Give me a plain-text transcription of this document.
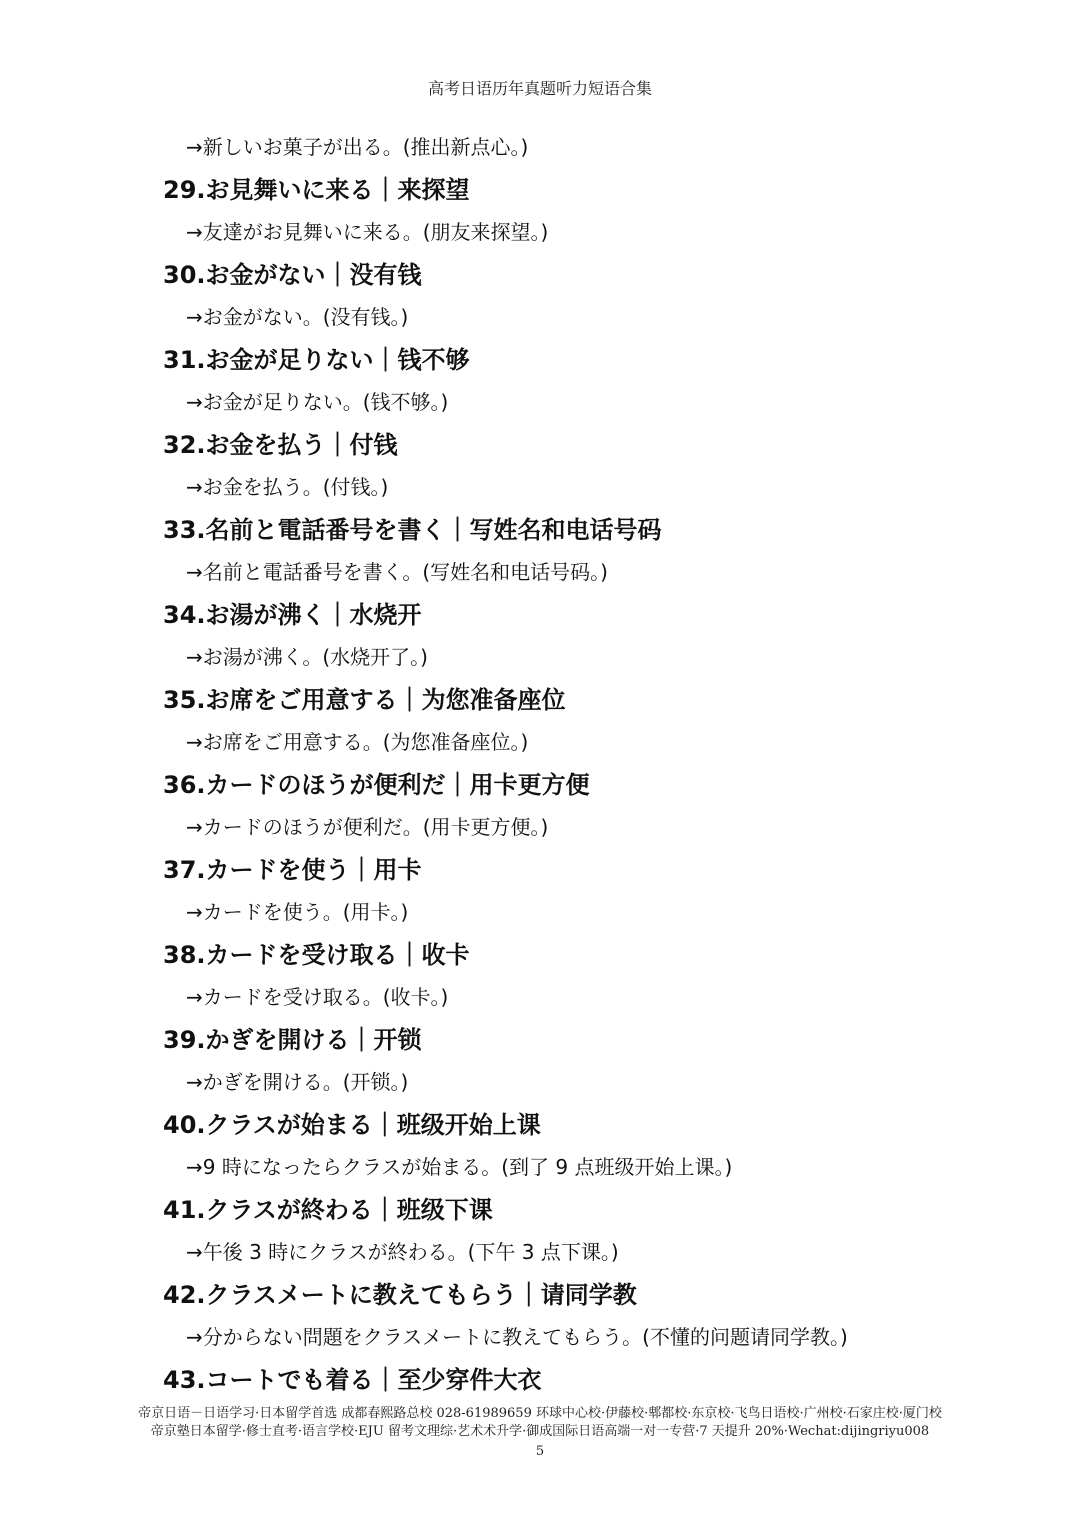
高考日语历年真题听力短语合集
→新しいお菓子が出る。(推出新点心。)
29.お見舞いに来る｜来探望
→友達がお見舞いに来る。(朋友来探望。)
30.お金がない｜没有钱
→お金がない。(没有钱。)
31.お金が足りない｜钱不够
→お金が足りない。(钱不够。)
32.お金を払う｜付钱
→お金を払う。(付钱。)
33.名前と電話番号を書く｜写姓名和电话号码
→名前と電話番号を書く。(写姓名和电话号码。)
34.お湯が沸く｜水烧开
→お湯が沸く。(水烧开了。)
35.お席をご用意する｜为您准备座位
→お席をご用意する。(为您准备座位。)
36.カードのほうが便利だ｜用卡更方便
→カードのほうが便利だ。(用卡更方便。)
37.カードを使う｜用卡
→カードを使う。(用卡。)
38.カードを受け取る｜收卡
→カードを受け取る。(收卡。)
39.かぎを開ける｜开锁
→かぎを開ける。(开锁。)
40.クラスが始まる｜班级开始上课
→9 時になったらクラスが始まる。(到了 9 点班级开始上课。)
41.クラスが終わる｜班级下课
→午後 3 時にクラスが終わる。(下午 3 点下课。)
42.クラスメートに教えてもらう｜请同学教
→分からない問題をクラスメートに教えてもらう。(不懂的问题请同学教。)
43.コートでも着る｜至少穿件大衣
帝京日语－日语学习·日本留学首选 成都春熙路总校 028-61989659 环球中心校·伊藤校·郫都校·东京校·飞鸟日语校·广州校·石家庄校·厦门校
帝京塾日本留学·修士直考·语言学校·EJU 留考文理综·艺术术升学·御成国际日语高端一对一专营·7 天提升 20%·Wechat:dijingriyu008
5
